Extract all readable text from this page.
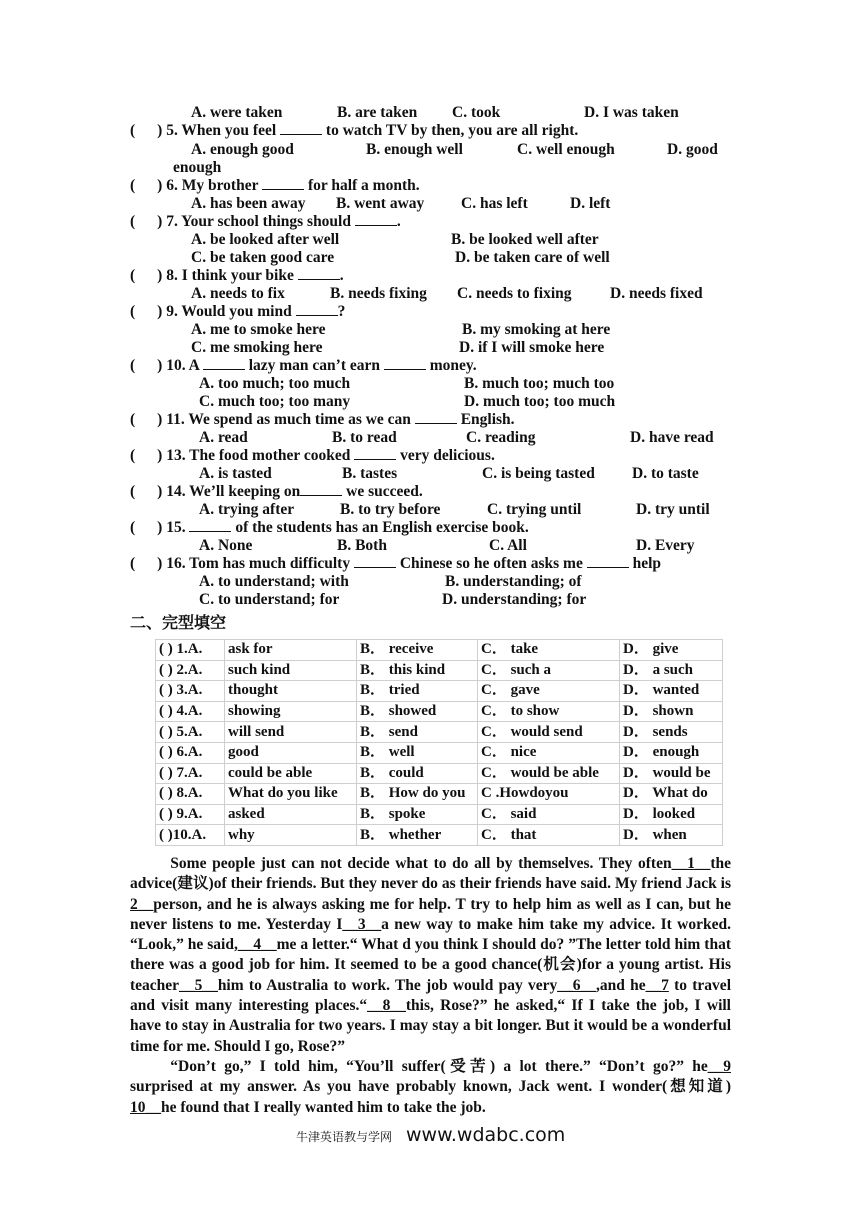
A. were taken	B. are taken C. took	D. I was taken
( ) 5. When you feel	to watch TV by then, you are all right.
A. enough good	B. enough well	C. well enough	D. good
enough
( ) 6. My brother	for half a month.
A. has been away B. went away C. has left	D. left
( ) 7. Your school things should	.
A. be looked after well	B. be looked well after
C. be taken good care	D. be taken care of well
( ) 8. I think your bike	.
A. needs to fix	B. needs fixing C. needs to fixing D. needs fixed
( ) 9. Would you mind	?
A. me to smoke here	B. my smoking at here
C. me smoking here	D. if I will smoke here
( ) 10. A	lazy man can’t earn	money.
A. too much; too much	B. much too; much too
C. much too; too many	D. much too; too much
( ) 11. We spend as much time as we can	English.
A. read	B. to read	C. reading	D. have read
( ) 13. The food mother cooked	very delicious.
A. is tasted	B. tastes	C. is being tasted D. to taste
( ) 14. We’ll keeping on	we succeed.
A. trying after	B. to try before	C. trying until	D. try until
( ) 15.	of the students has an English exercise book.
A. None	B. Both	C. All	D. Every
( ) 16. Tom has much difficulty	Chinese so he often asks me	help
A. to understand; with	B. understanding; of
C. to understand; for	D. understanding; for
二、完型填空
( ) 1.A.	ask for	B． receive	C． take	D． give
( ) 2.A.	such kind	B． this kind	C． such a	D． a such
( ) 3.A.	thought	B． tried	C． gave	D． wanted
( ) 4.A.	showing	B． showed	C． to show	D． shown
( ) 5.A.	will send	B． send	C． would send	D． sends
( ) 6.A.	good	B． well	C． nice	D． enough
( ) 7.A.	could be able	B． could	C． would be able	D． would be
( ) 8.A.	What do you like	B． How do you	C .Howdoyou	D． What do
( ) 9.A.	asked	B． spoke	C． said	D． looked
( )10.A.	why	B． whether	C． that	D． when

Some people just can not decide what to do all by themselves. They often__1__the advice(建议)of their friends. But they never do as their friends have said. My friend Jack is 2__person, and he is always asking me for help. T try to help him as well as I can, but he never listens to me. Yesterday I__3__a new way to make him take my advice. It worked. “Look,” he said,__4__me a letter.“ What d you think I should do? ”The letter told him that there was a good job for him. It seemed to be a good chance(机会)for a young artist. His teacher__5__him to Australia to work. The job would pay very__6__,and he__7 to travel and visit many interesting places.“__8__this, Rose?” he asked,“ If I take the job, I will have to stay in Australia for two years. I may stay a bit longer. But it would be a wonderful time for me. Should I go, Rose?”

“Don’t go,” I told him, “You’ll suffer(受苦) a lot there.” “Don’t go?” he__9 surprised at my answer. As you have probably known, Jack went. I wonder(想知道) 10__he found that I really wanted him to take the job.

牛津英语教与学网 www.wdabc.com
